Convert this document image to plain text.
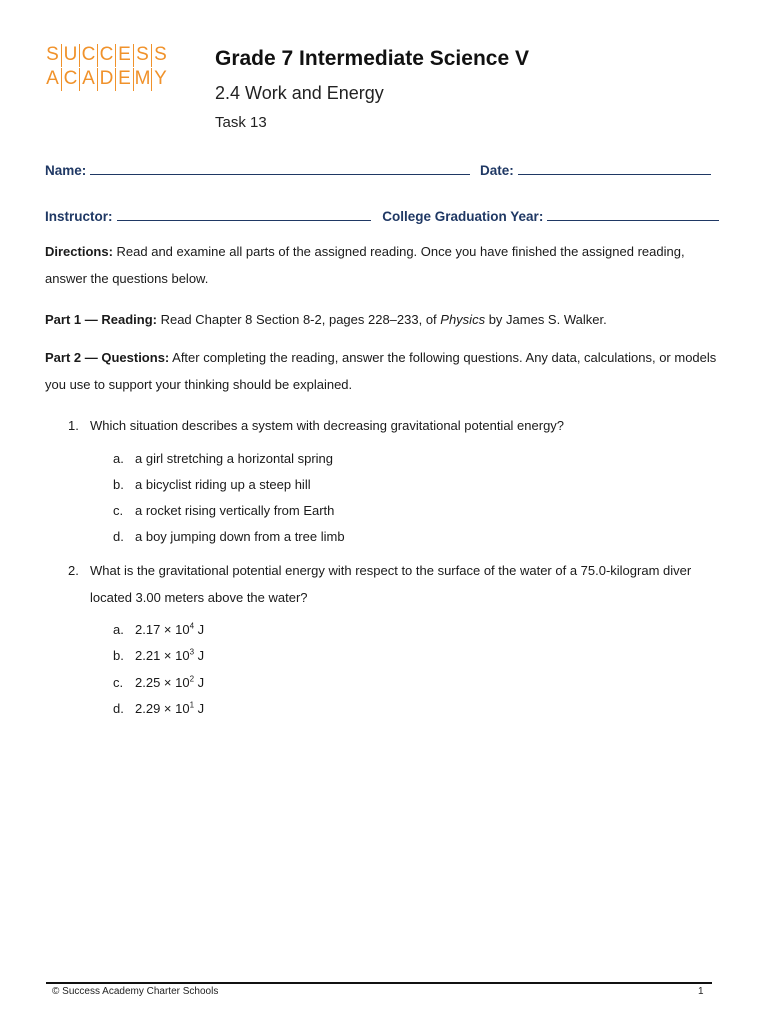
S U C C E S S
A C A D E M Y
Grade 7 Intermediate Science V
2.4 Work and Energy
Task 13
Name:	Date:
Instructor:	College Graduation Year:
Directions: Read and examine all parts of the assigned reading. Once you have finished the assigned reading, answer the questions below.
Part 1 — Reading: Read Chapter 8 Section 8-2, pages 228–233, of Physics by James S. Walker.
Part 2 — Questions: After completing the reading, answer the following questions. Any data, calculations, or models you use to support your thinking should be explained.
1. Which situation describes a system with decreasing gravitational potential energy?
a. a girl stretching a horizontal spring
b. a bicyclist riding up a steep hill
c. a rocket rising vertically from Earth
d. a boy jumping down from a tree limb
2. What is the gravitational potential energy with respect to the surface of the water of a 75.0-kilogram diver located 3.00 meters above the water?
a. $2.17 \times 10^4$ J
b. $2.21 \times 10^3$ J
c. $2.25 \times 10^2$ J
d. $2.29 \times 10^1$ J
© Success Academy Charter Schools	1
